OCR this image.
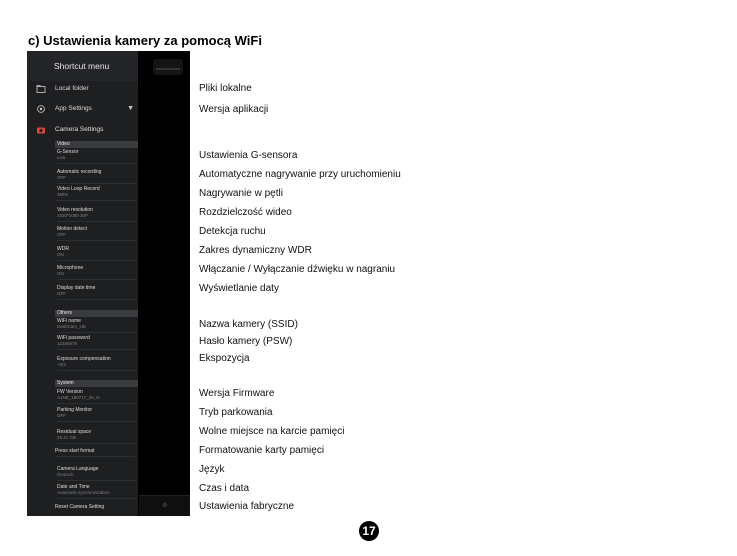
c) Ustawienia kamery za pomocą WiFi
Shortcut menu
Local folder
App Settings	▼
Camera Settings
Video
G-Sensor
Low
Automatic recording
OFF
Video Loop Record
3MIN
Video resolution
1920*1080 30P
Motion detect
OFF
WDR
ON
Microphone
ON
Display date time
OFF
Others
WiFi name
DashCam_HD
WiFi password
12345678
Exposure compensation
+0/3
System
FW Version
A1NE_180717_25_N
Parking Monitor
OFF
Residual space
25.41 GB
Press start format
Camera Language
Deutsch
Date and Time
Automatic synchronization
Reset Camera Setting	⚙
Pliki lokalne
Wersja aplikacji
Ustawienia G-sensora
Automatyczne nagrywanie przy uruchomieniu
Nagrywanie w pętli
Rozdzielczość wideo
Detekcja ruchu
Zakres dynamiczny WDR
Włączanie / Wyłączanie dźwięku w nagraniu
Wyświetlanie daty
Nazwa kamery (SSID)
Hasło kamery (PSW)
Ekspozycja
Wersja Firmware
Tryb parkowania
Wolne miejsce na karcie pamięci
Formatowanie karty pamięci
Język
Czas i data
Ustawienia fabryczne
17
